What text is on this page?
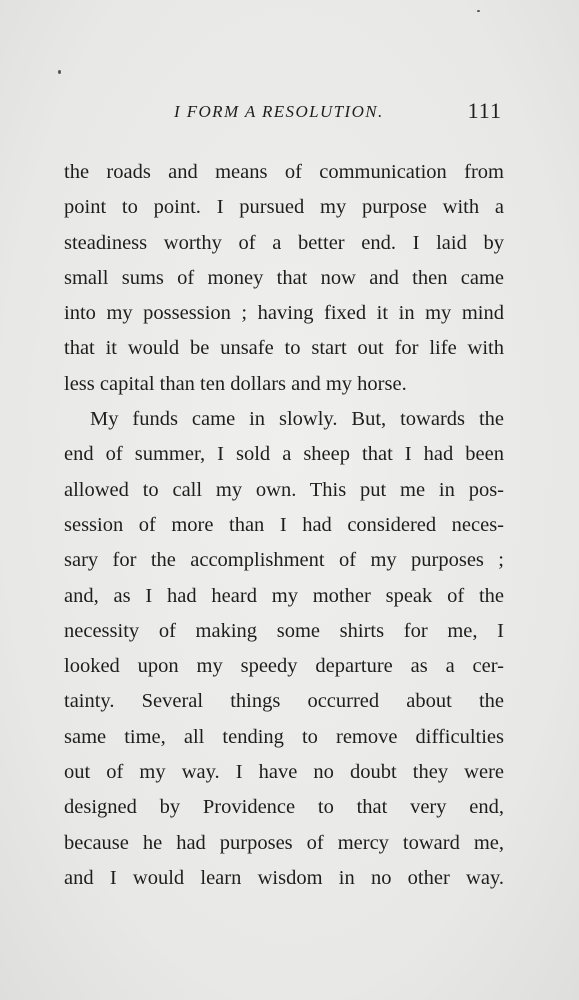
I FORM A RESOLUTION.	111
the roads and means of communication from
point to point. I pursued my purpose with a
steadiness worthy of a better end. I laid by
small sums of money that now and then came
into my possession ; having fixed it in my mind
that it would be unsafe to start out for life with
less capital than ten dollars and my horse.
My funds came in slowly. But, towards the
end of summer, I sold a sheep that I had been
allowed to call my own. This put me in pos-
session of more than I had considered neces-
sary for the accomplishment of my purposes ;
and, as I had heard my mother speak of the
necessity of making some shirts for me, I
looked upon my speedy departure as a cer-
tainty. Several things occurred about the
same time, all tending to remove difficulties
out of my way. I have no doubt they were
designed by Providence to that very end,
because he had purposes of mercy toward me,
and I would learn wisdom in no other way.
